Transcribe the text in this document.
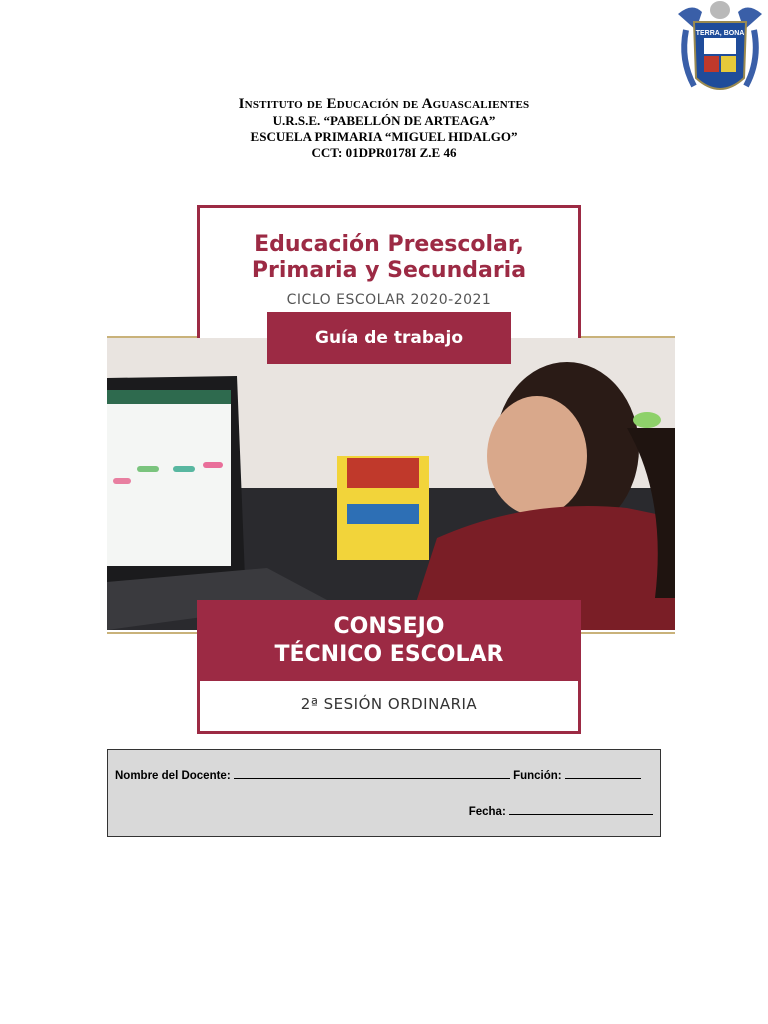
TERRA, BONA
Instituto de Educación de Aguascalientes
U.R.S.E. “PABELLÓN DE ARTEAGA”
ESCUELA PRIMARIA “MIGUEL HIDALGO”
CCT: 01DPR0178I Z.E 46
Educación Preescolar,
Primaria y Secundaria
CICLO ESCOLAR 2020-2021
Guía de trabajo
CONSEJO
TÉCNICO ESCOLAR
2ª SESIÓN ORDINARIA
Nombre del Docente:	Función:
Fecha:
